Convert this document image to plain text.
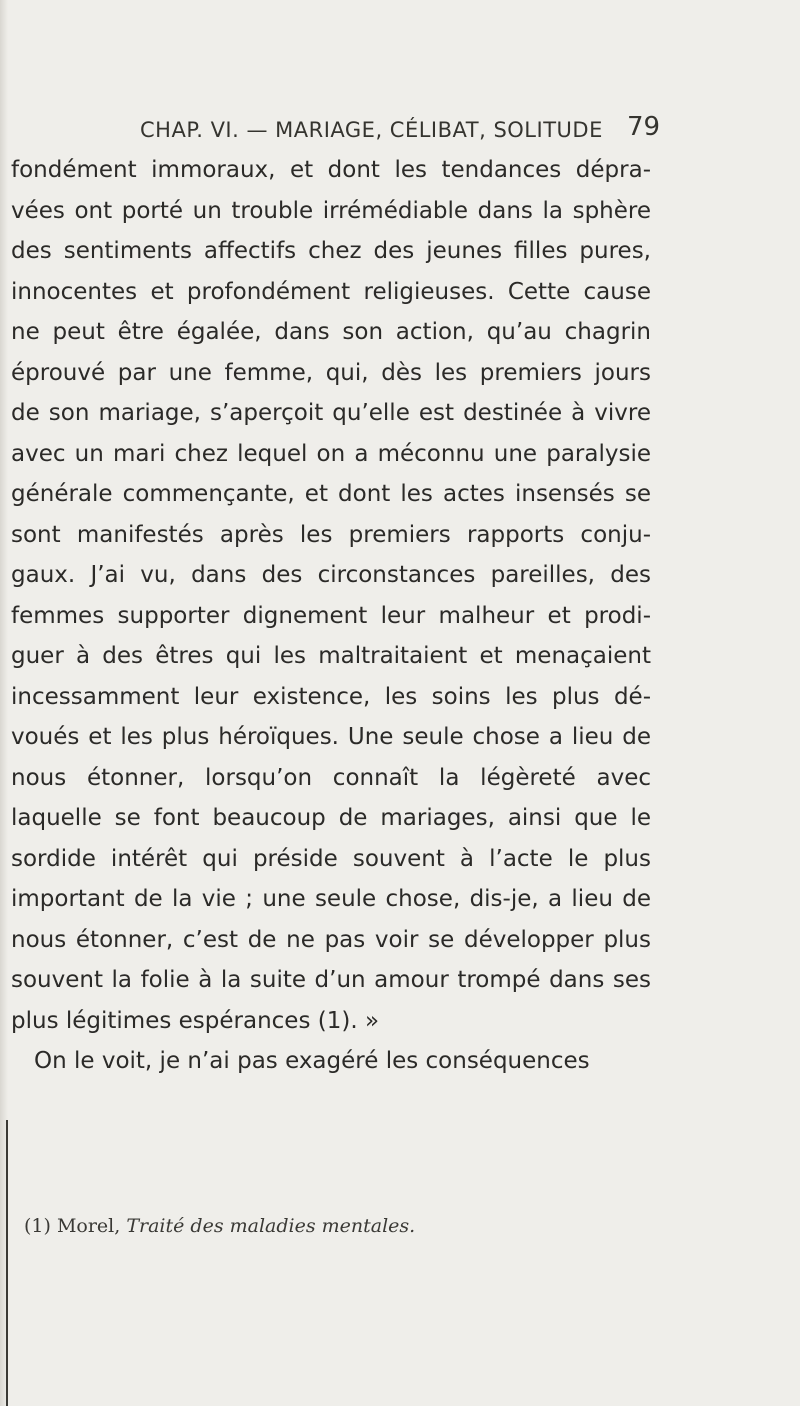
CHAP. VI. — MARIAGE, CÉLIBAT, SOLITUDE 79
fondément immoraux, et dont les tendances dépra-
vées ont porté un trouble irrémédiable dans la sphère
des sentiments affectifs chez des jeunes filles pures,
innocentes et profondément religieuses. Cette cause
ne peut être égalée, dans son action, qu’au chagrin
éprouvé par une femme, qui, dès les premiers jours
de son mariage, s’aperçoit qu’elle est destinée à vivre
avec un mari chez lequel on a méconnu une paralysie
générale commençante, et dont les actes insensés se
sont manifestés après les premiers rapports conju-
gaux. J’ai vu, dans des circonstances pareilles, des
femmes supporter dignement leur malheur et prodi-
guer à des êtres qui les maltraitaient et menaçaient
incessamment leur existence, les soins les plus dé-
voués et les plus héroïques. Une seule chose a lieu de
nous étonner, lorsqu’on connaît la légèreté avec
laquelle se font beaucoup de mariages, ainsi que le
sordide intérêt qui préside souvent à l’acte le plus
important de la vie ; une seule chose, dis-je, a lieu de
nous étonner, c’est de ne pas voir se développer plus
souvent la folie à la suite d’un amour trompé dans ses
plus légitimes espérances (1). »
On le voit, je n’ai pas exagéré les conséquences
(1) Morel, Traité des maladies mentales.
